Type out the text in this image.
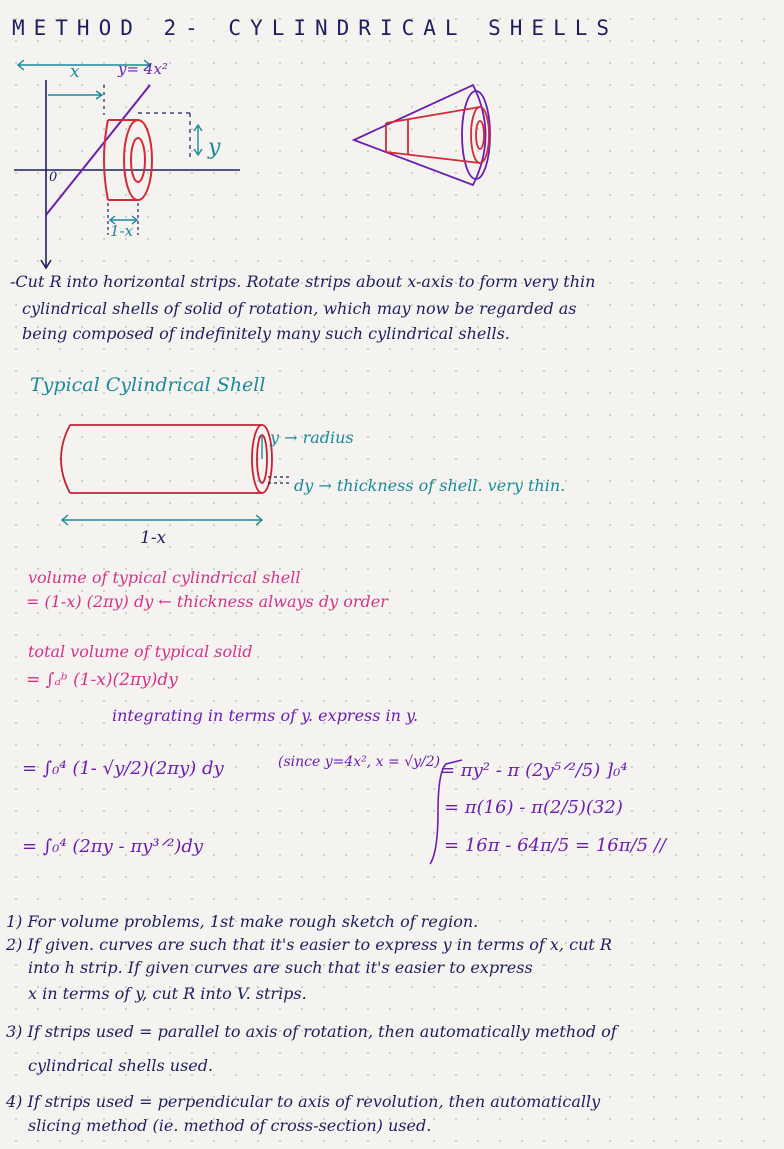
METHOD 2- CYLINDRICAL SHELLS
x	y= 4x²
y
0
1-x
-Cut R into horizontal strips. Rotate strips about x-axis to form very thin
cylindrical shells of solid of rotation, which may now be regarded as
being composed of indefinitely many such cylindrical shells.
Typical Cylindrical Shell
y → radius
dy → thickness of shell. very thin.
1-x
volume of typical cylindrical shell
= (1-x) (2πy) dy ← thickness always dy order
total volume of typical solid
= ∫ₐᵇ (1-x)(2πy)dy
integrating in terms of y. express in y.
= ∫₀⁴ (1- √y/2)(2πy) dy	(since y=4x², x = √y/2)
= ∫₀⁴ (2πy - πy³ᐟ²)dy
= πy² - π (2y⁵ᐟ²/5) ]₀⁴
= π(16) - π(2/5)(32)
= 16π - 64π/5 = 16π/5 //
1) For volume problems, 1st make rough sketch of region.
2) If given. curves are such that it's easier to express y in terms of x, cut R
into h strip. If given curves are such that it's easier to express
x in terms of y, cut R into V. strips.
3) If strips used = parallel to axis of rotation, then automatically method of
cylindrical shells used.
4) If strips used = perpendicular to axis of revolution, then automatically
slicing method (ie. method of cross-section) used.
